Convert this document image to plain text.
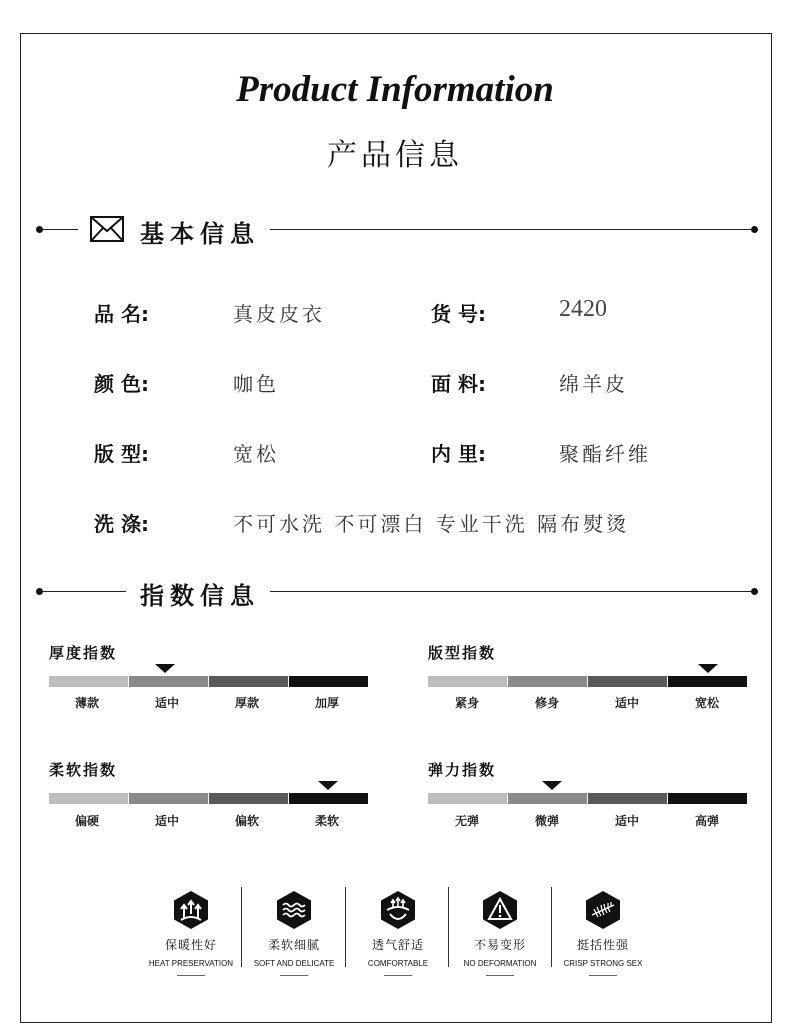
Product Information
产品信息
基本信息
品 名:	真皮皮衣	货 号:	2420
颜 色:	咖色	面 料:	绵羊皮
版 型:	宽松	内 里:	聚酯纤维
洗 涤:	不可水洗 不可漂白 专业干洗 隔布熨烫
指数信息
厚度指数
薄款	适中	厚款	加厚
版型指数
紧身	修身	适中	宽松
柔软指数
偏硬	适中	偏软	柔软
弹力指数
无弹	微弹	适中	高弹
保暖性好
HEAT PRESERVATION
柔软细腻
SOFT AND DELICATE
透气舒适
COMFORTABLE
不易变形
NO DEFORMATION
挺括性强
CRISP STRONG SEX
